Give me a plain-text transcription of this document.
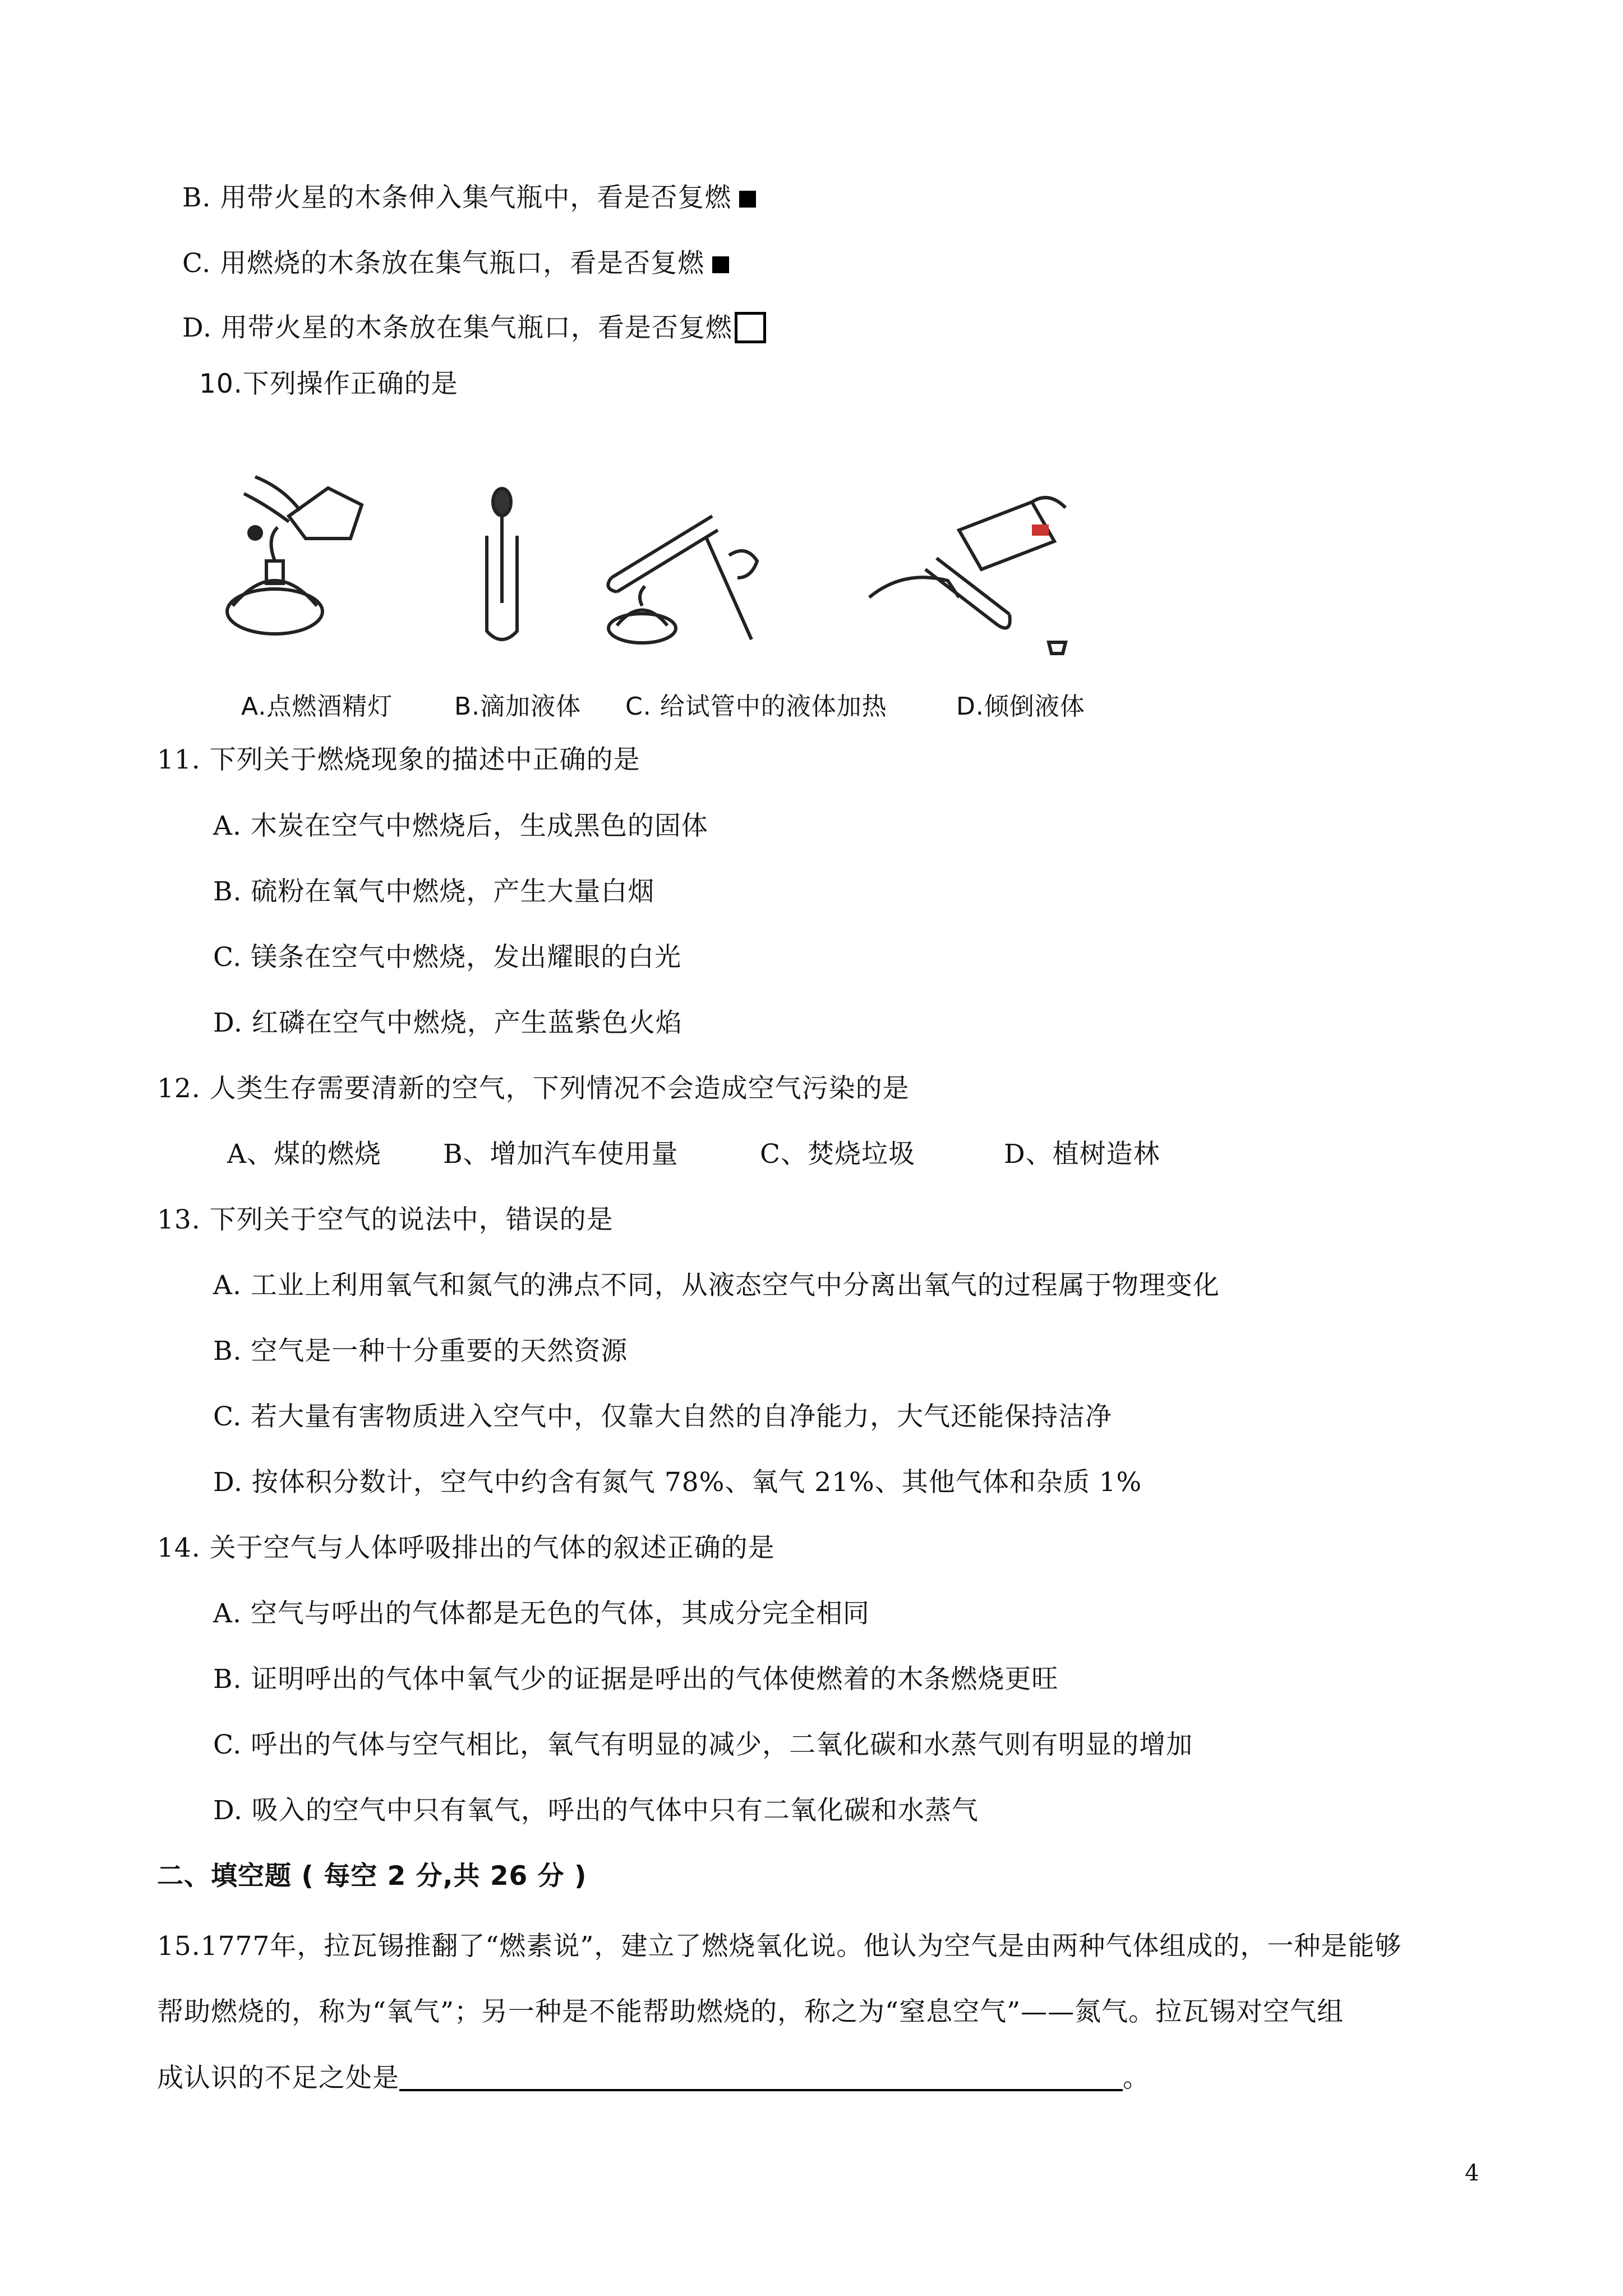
B. 用带火星的木条伸入集气瓶中，看是否复燃
C. 用燃烧的木条放在集气瓶口，看是否复燃
D. 用带火星的木条放在集气瓶口，看是否复燃
10.下列操作正确的是
A.点燃酒精灯 B.滴加液体 C. 给试管中的液体加热	D.倾倒液体
11. 下列关于燃烧现象的描述中正确的是
A. 木炭在空气中燃烧后，生成黑色的固体
B. 硫粉在氧气中燃烧，产生大量白烟
C. 镁条在空气中燃烧，发出耀眼的白光
D. 红磷在空气中燃烧，产生蓝紫色火焰
12. 人类生存需要清新的空气，下列情况不会造成空气污染的是
A、煤的燃烧 B、增加汽车使用量	C、焚烧垃圾	D、植树造林
13. 下列关于空气的说法中，错误的是
A. 工业上利用氧气和氮气的沸点不同，从液态空气中分离出氧气的过程属于物理变化
B. 空气是一种十分重要的天然资源
C. 若大量有害物质进入空气中，仅靠大自然的自净能力，大气还能保持洁净
D. 按体积分数计，空气中约含有氮气 78%、氧气 21%、其他气体和杂质 1%
14. 关于空气与人体呼吸排出的气体的叙述正确的是
A. 空气与呼出的气体都是无色的气体，其成分完全相同
B. 证明呼出的气体中氧气少的证据是呼出的气体使燃着的木条燃烧更旺
C. 呼出的气体与空气相比，氧气有明显的减少，二氧化碳和水蒸气则有明显的增加
D. 吸入的空气中只有氧气，呼出的气体中只有二氧化碳和水蒸气
二、填空题 ( 每空 2 分,共 26 分 )
15.1777年，拉瓦锡推翻了“燃素说”，建立了燃烧氧化说。他认为空气是由两种气体组成的，一种是能够
帮助燃烧的，称为“氧气”；另一种是不能帮助燃烧的，称之为“窒息空气”——氮气。拉瓦锡对空气组
成认识的不足之处是	。
4
